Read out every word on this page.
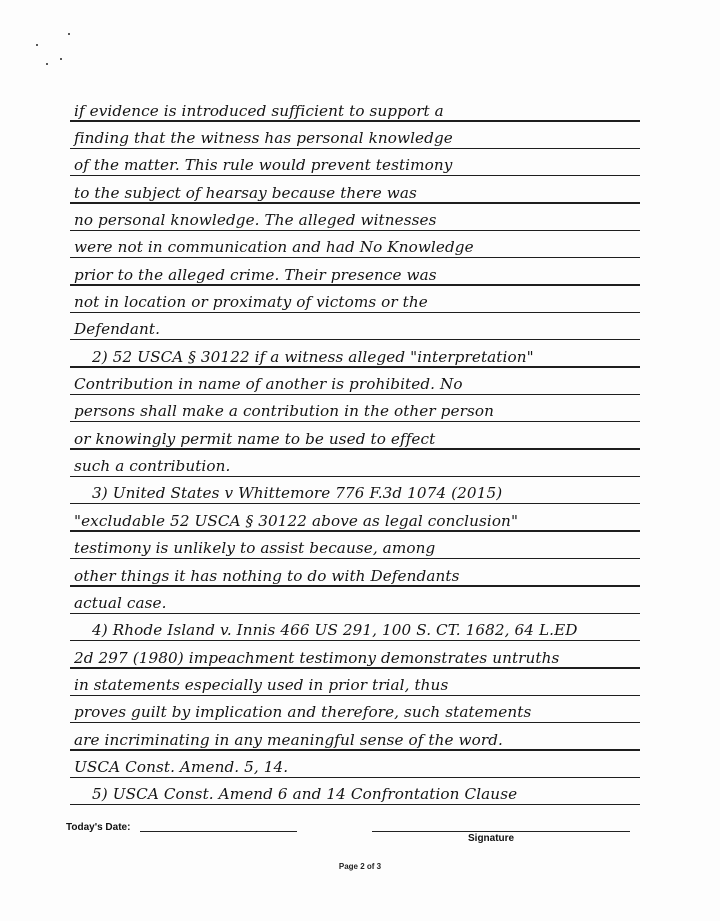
if evidence is introduced sufficient to support a
finding that the witness has personal knowledge
of the matter. This rule would prevent testimony
to the subject of hearsay because there was
no personal knowledge. The alleged witnesses
were not in communication and had No Knowledge
prior to the alleged crime. Their presence was
not in location or proximaty of victoms or the
Defendant.
2) 52 USCA § 30122 if a witness alleged "interpretation"
Contribution in name of another is prohibited. No
persons shall make a contribution in the other person
or knowingly permit name to be used to effect
such a contribution.
3) United States v Whittemore 776 F.3d 1074 (2015)
"excludable 52 USCA § 30122 above as legal conclusion"
testimony is unlikely to assist because, among
other things it has nothing to do with Defendants
actual case.
4) Rhode Island v. Innis 466 US 291, 100 S. CT. 1682, 64 L.ED
2d 297 (1980) impeachment testimony demonstrates untruths
in statements especially used in prior trial, thus
proves guilt by implication and therefore, such statements
are incriminating in any meaningful sense of the word.
USCA Const. Amend. 5, 14.
5) USCA Const. Amend 6 and 14 Confrontation Clause
Today's Date:
Signature
Page 2 of 3
